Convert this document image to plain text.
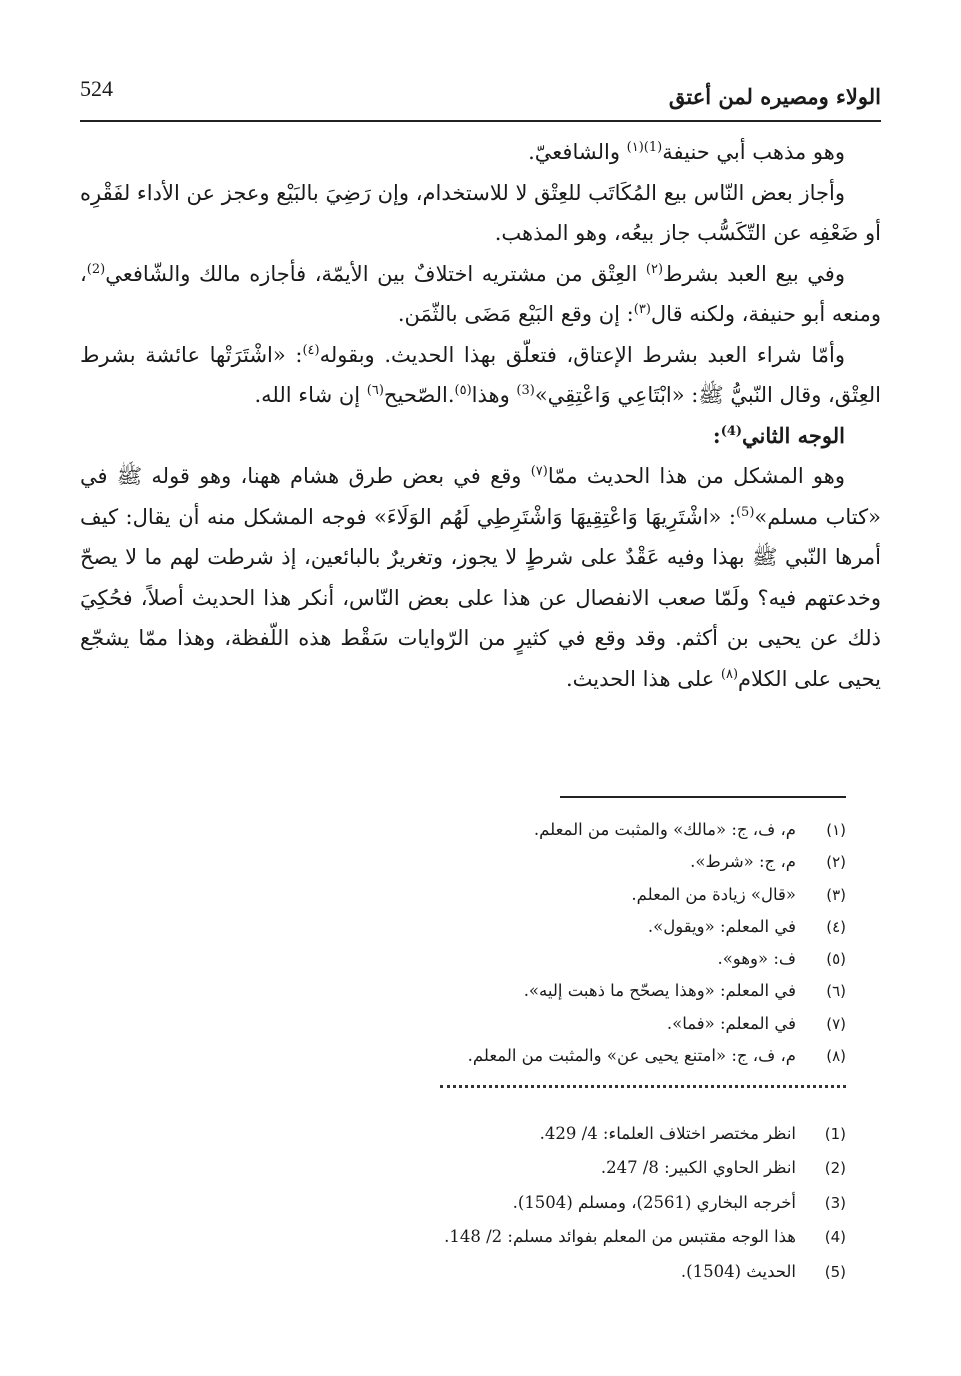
524	الولاء ومصيره لمن أعتق

وهو مذهب أبي حنيفة$^{(1)(١)}$ والشافعيّ.

وأجاز بعض النّاس بيع المُكَاتَب للعِتْق لا للاستخدام، وإن رَضِيَ بالبَيْع وعجز عن الأداء لفَقْرِه أو ضَعْفِه عن التّكَسُّب جاز بيعُه، وهو المذهب.

وفي بيع العبد بشرط$^{(٢)}$ العِتْق من مشتريه اختلافٌ بين الأيمّة، فأجازه مالك والشّافعي$^{(2)}$، ومنعه أبو حنيفة، ولكنه قال$^{(٣)}$: إن وقع البَيْع مَضَى بالثّمَن.

وأمّا شراء العبد بشرط الإعتاق، فتعلّق بهذا الحديث. وبقوله$^{(٤)}$: «اشْتَرَتْها عائشة بشرط العِتْق، وقال النّبيُّ ﷺ: «ابْتَاعِي وَاعْتِقِي»$^{(3)}$ وهذا$^{(٥)}$.الصّحيح$^{(٦)}$ إن شاء الله.

الوجه الثاني$^{(4)}$:

وهو المشكل من هذا الحديث ممّا$^{(٧)}$ وقع في بعض طرق هشام ههنا، وهو قوله ﷺ في «كتاب مسلم»$^{(5)}$: «اشْتَرِيهَا وَاعْتِقِيهَا وَاشْتَرِطِي لَهُم الوَلَاءَ» فوجه المشكل منه أن يقال: كيف أمرها النّبي ﷺ بهذا وفيه عَقْدٌ على شرطٍ لا يجوز، وتغريرٌ بالبائعين، إذ شرطت لهم ما لا يصحّ وخدعتهم فيه؟ ولَمّا صعب الانفصال عن هذا على بعض النّاس، أنكر هذا الحديث أصلاً، فحُكِيَ ذلك عن يحيى بن أكثم. وقد وقع في كثيرٍ من الرّوايات سَقْط هذه اللّفظة، وهذا ممّا يشجّع يحيى على الكلام$^{(٨)}$ على هذا الحديث.

(١)
م، ف، ج: «مالك» والمثبت من المعلم.
(٢)
م، ج: «شرط».
(٣)
«قال» زيادة من المعلم.
(٤)
في المعلم: «ويقول».
(٥)
ف: «وهو».
(٦)
في المعلم: «وهذا يصحّح ما ذهبت إليه».
(٧)
في المعلم: «فما».
(٨)
م، ف، ج: «امتنع يحيى عن» والمثبت من المعلم.
(1)
انظر مختصر اختلاف العلماء: 4/ 429.
(2)
انظر الحاوي الكبير: 8/ 247.
(3)
أخرجه البخاري (2561)، ومسلم (1504).
(4)
هذا الوجه مقتبس من المعلم بفوائد مسلم: 2/ 148.
(5)
الحديث (1504).
